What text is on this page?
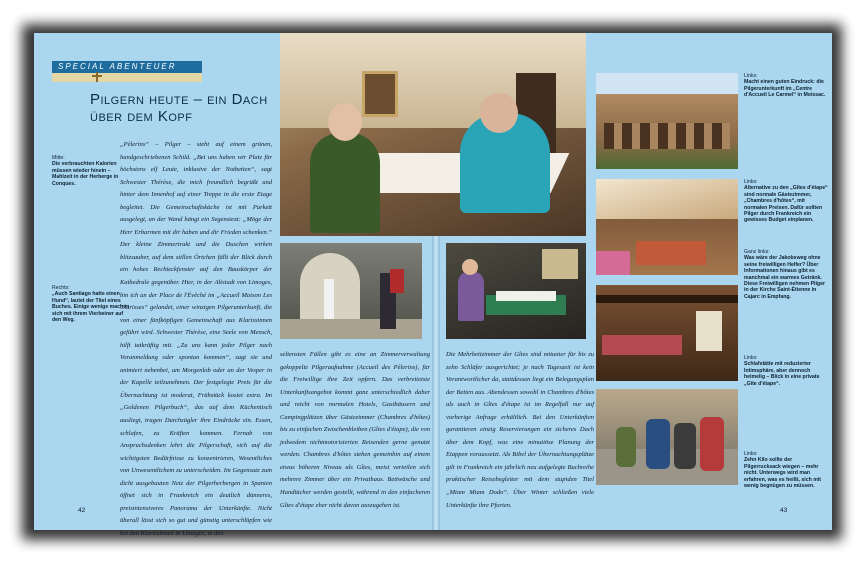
SPECIAL ABENTEUER
Pilgern heute – ein Dach über dem Kopf
Mitte:
Die verbrauchten Kalorien müssen wieder hinein – Mahlzeit in der Herberge in Conques.
Rechts:
„Auch Santiago hatte einen Hund“, lautet der Titel eines Buches. Einige wenige machen sich mit ihrem Vierbeiner auf den Weg.

„Pèlerins“ – Pilger – steht auf einem grünen, handgeschriebenen Schild. „Bei uns haben wir Platz für höchstens elf Leute, inklusive der Notbetten“, sagt Schwester Thérèse, die mich freundlich begrüßt und hinter dem Innenhof auf einer Treppe in die erste Etage begleitet. Die Gemeinschaftsküche ist mit Parkett ausgelegt, an der Wand hängt ein Segenstext: „Möge der Herr Erbarmen mit dir haben und dir Frieden schenken.“ Der kleine Zimmertrakt und die Duschen wirken blitzsauber, auf dem stillen Örtchen fällt der Blick durch ein hohes Rechteckfenster auf den Bauskörper der Kathedrale gegenüber. Hier, in der Altstadt von Limoges, bin ich an der Place de l'Évêché im „Accueil Maison Les Clarisses“ gelandet, einer winzigen Pilgerunterkunft, die von einer fünfköpfigen Gemeinschaft aus Klarissinnen geführt wird. Schwester Thérèse, eine Seele von Mensch, hilft tatkräftig mit. „Zu uns kann jeder Pilger nach Voranmeldung oder spontan kommen“, sagt sie und animiert nebenbei, am Morgenlob oder an der Vesper in der Kapelle teilzunehmen. Der festgelegte Preis für die Übernachtung ist moderat, Frühstück kostet extra. Im „Goldenen Pilgerbuch“, das auf dem Küchentisch ausliegt, tragen Durchzügler ihre Eindrücke ein. Essen, schlafen, zu Kräften kommen. Fernab von Anspruchsdenken lehrt die Pilgerschaft, sich auf die wichtigsten Bedürfnisse zu konzentrieren, Wesentliches von Unwesentlichem zu unterscheiden. Im Gegensatz zum dicht ausgebauten Netz der Pilgerherbergen in Spanien öffnet sich in Frankreich ein deutlich dünneres, preisintensiveres Panorama der Unterkünfte. Nicht überall lässt sich so gut und günstig unterschlüpfen wie bei den Klarissinnen in Limoges, in den

seltensten Fällen gibt es eine an Zimmerverwaltung gekoppelte Pilgeraufnahme (Accueil des Pèlerins), für die Freiwillige ihre Zeit opfern. Das verbreitetste Unterkunftsangebot kommt ganz unterschiedlich daher und reicht von normalen Hotels, Gasthäusern und Campingplätzen über Gästezimmer (Chambres d'hôtes) bis zu einfachen Zwischenbleiben (Gîtes d'étape), die von jedwedem nichtmotorisierten Reisenden gerne genutzt werden. Chambres d'hôtes stehen gemeinhin auf einem etwas höheren Niveau als Gîtes, meist verteilen sich mehrere Zimmer über ein Privathaus. Bettwäsche und Handtücher werden gestellt, während in den einfacheren Gîtes d'étape eher nicht davon auszugehen ist.

Die Mehrbettzimmer der Gîtes sind mitunter für bis zu zehn Schläfer ausgerichtet; je nach Tageszeit ist kein Verantwortlicher da, stattdessen liegt ein Belegungsplan der Betten aus. Abendessen sowohl in Chambres d'hôtes als auch in Gîtes d'étape ist im Regelfall nur auf vorherige Anfrage erhältlich. Bei den Unterkünften garantieren einzig Reservierungen ein sicheres Dach über dem Kopf, was eine minutiöse Planung der Etappen voraussetzt. Als Bibel der Übernachtungsplätze gilt in Frankreich ein jährlich neu aufgelegte Buchreihe praktischer Reisebegleiter mit dem stupiden Titel „Miam Miam Dodo“. Über Winter schließen viele Unterkünfte ihre Pforten.

Links:
Macht einen guten Eindruck: die Pilgerunterkunft im „Centre d'Accueil Le Carmel“ in Moissac.
Links:
Alternative zu den „Gîtes d'étape“ sind normale Gästezimmer, „Chambres d'hôtes“, mit normalen Preisen. Dafür sollten Pilger durch Frankreich ein gewisses Budget einplanen.
Ganz links:
Was wäre der Jakobsweg ohne seine freiwilligen Helfer? Über Informationen hinaus gibt es manchmal ein warmes Getränk. Diese Freiwilligen nehmen Pilger in der Kirche Saint-Étienne in Cajarc in Empfang.
Links:
Schlafstätte mit reduzierter Intimsphäre, aber dennoch heimelig – Blick in eine private „Gîte d'étape“.
Links:
Zehn Kilo sollte der Pilgerrucksack wiegen – mehr nicht. Unterwegs wird man erfahren, was es heißt, sich mit wenig begnügen zu müssen.
42	43
